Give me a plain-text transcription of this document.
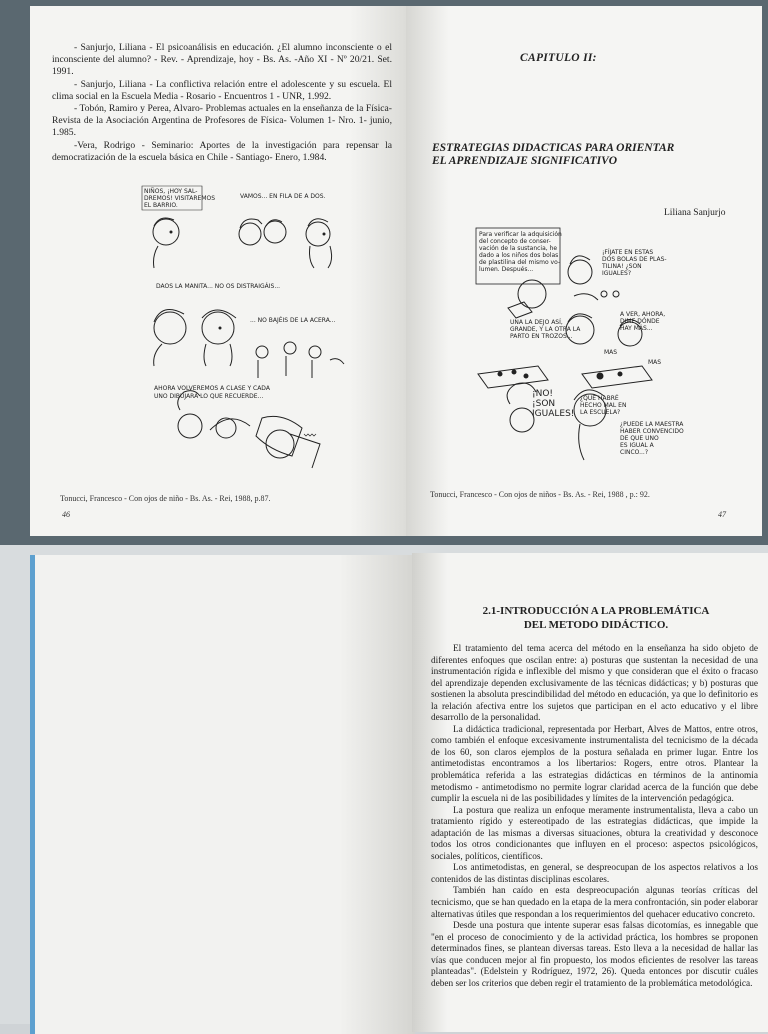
- Sanjurjo, Liliana - El psicoanálisis en educación. ¿El alumno inconsciente o el inconsciente del alumno? - Rev. - Aprendizaje, hoy - Bs. As. -Año XI - Nº 20/21. Set. 1991.

- Sanjurjo, Liliana - La conflictiva relación entre el adolescente y su escuela. El clima social en la Escuela Media - Rosario - Encuentros 1 - UNR, 1.992.

- Tobón, Ramiro y Perea, Alvaro- Problemas actuales en la enseñanza de la Física- Revista de la Asociación Argentina de Profesores de Física- Volumen 1- Nro. 1- junio, 1.985.

-Vera, Rodrigo - Seminario: Aportes de la investigación para repensar la democratización de la escuela básica en Chile - Santiago- Enero, 1.984.

NIÑOS, ¡HOY SAL-
DREMOS! VISITAREMOS
EL BARRIO.
VAMOS... EN FILA DE A DOS.
DAOS LA MANITA... NO OS DISTRAIGÁIS...
... NO BAJÉIS DE LA ACERA...
AHORA VOLVEREMOS A CLASE Y CADA
UNO DIBUJARÁ LO QUE RECUERDE...
Tonucci, Francesco - Con ojos de niño - Bs. As. - Rei, 1988, p.87.
46
CAPITULO II:
ESTRATEGIAS DIDACTICAS PARA ORIENTAR
EL APRENDIZAJE SIGNIFICATIVO
Liliana Sanjurjo
Para verificar la adquisición
del concepto de conser-
vación de la sustancia, he
dado a los niños dos bolas
de plastilina del mismo vo-
lumen. Después...
¡FÍJATE EN ESTAS
DOS BOLAS DE PLAS-
TILINA! ¿SON
IGUALES?
UNA LA DEJO ASÍ,
GRANDE, Y LA OTRA LA
PARTO EN TROZOS...
A VER, AHORA,
DIME DÓNDE
HAY MÁS...
MAS
MAS
¡NO!
¡SON
IGUALES!
¿QUÉ HABRÉ
HECHO MAL EN
LA ESCUELA?
¿PUEDE LA MAESTRA
HABER CONVENCIDO
DE QUE UNO
ES IGUAL A
CINCO...?
Tonucci, Francesco - Con ojos de niños - Bs. As. - Rei, 1988 , p.: 92.
47
2.1-INTRODUCCIÓN A LA PROBLEMÁTICA
DEL METODO DIDÁCTICO.

El tratamiento del tema acerca del método en la enseñanza ha sido objeto de diferentes enfoques que oscilan entre: a) posturas que sustentan la necesidad de una instrumentación rígida e inflexible del mismo y que consideran que el éxito o fracaso del aprendizaje dependen exclusivamente de las técnicas didácticas; y b) posturas que sostienen la absoluta prescindibilidad del método en educación, ya que lo definitorio es la relación afectiva entre los sujetos que participan en el acto educativo y el libre desarrollo de la personalidad.

La didáctica tradicional, representada por Herbart, Alves de Mattos, entre otros, como también el enfoque excesivamente instrumentalista del tecnicismo de la década de los 60, son claros ejemplos de la postura señalada en primer lugar. Entre los antimetodistas encontramos a los libertarios: Rogers, entre otros. Plantear la problemática referida a las estrategias didácticas en términos de la antinomia metodismo - antimetodismo no permite lograr claridad acerca de la función que debe cumplir la escuela ni de las posibilidades y límites de la intervención pedagógica.

La postura que realiza un enfoque meramente instrumentalista, lleva a cabo un tratamiento rígido y estereotipado de las estrategias didácticas, que impide la adaptación de las mismas a diversas situaciones, obtura la creatividad y desconoce todos los otros condicionantes que influyen en el proceso: aspectos psicológicos, sociales, políticos, científicos.

Los antimetodistas, en general, se despreocupan de los aspectos relativos a los contenidos de las distintas disciplinas escolares.

También han caído en esta despreocupación algunas teorías críticas del tecnicismo, que se han quedado en la etapa de la mera confrontación, sin poder elaborar alternativas útiles que respondan a los requerimientos del quehacer educativo concreto.

Desde una postura que intente superar esas falsas dicotomías, es innegable que "en el proceso de conocimiento y de la actividad práctica, los hombres se proponen determinados fines, se plantean diversas tareas. Esto lleva a la necesidad de hallar las vías que conducen mejor al fin propuesto, los modos eficientes de resolver las tareas planteadas". (Edelstein y Rodríguez, 1972, 26). Queda entonces por discutir cuáles deben ser los criterios que deben regir el tratamiento de la problemática metodológica.
